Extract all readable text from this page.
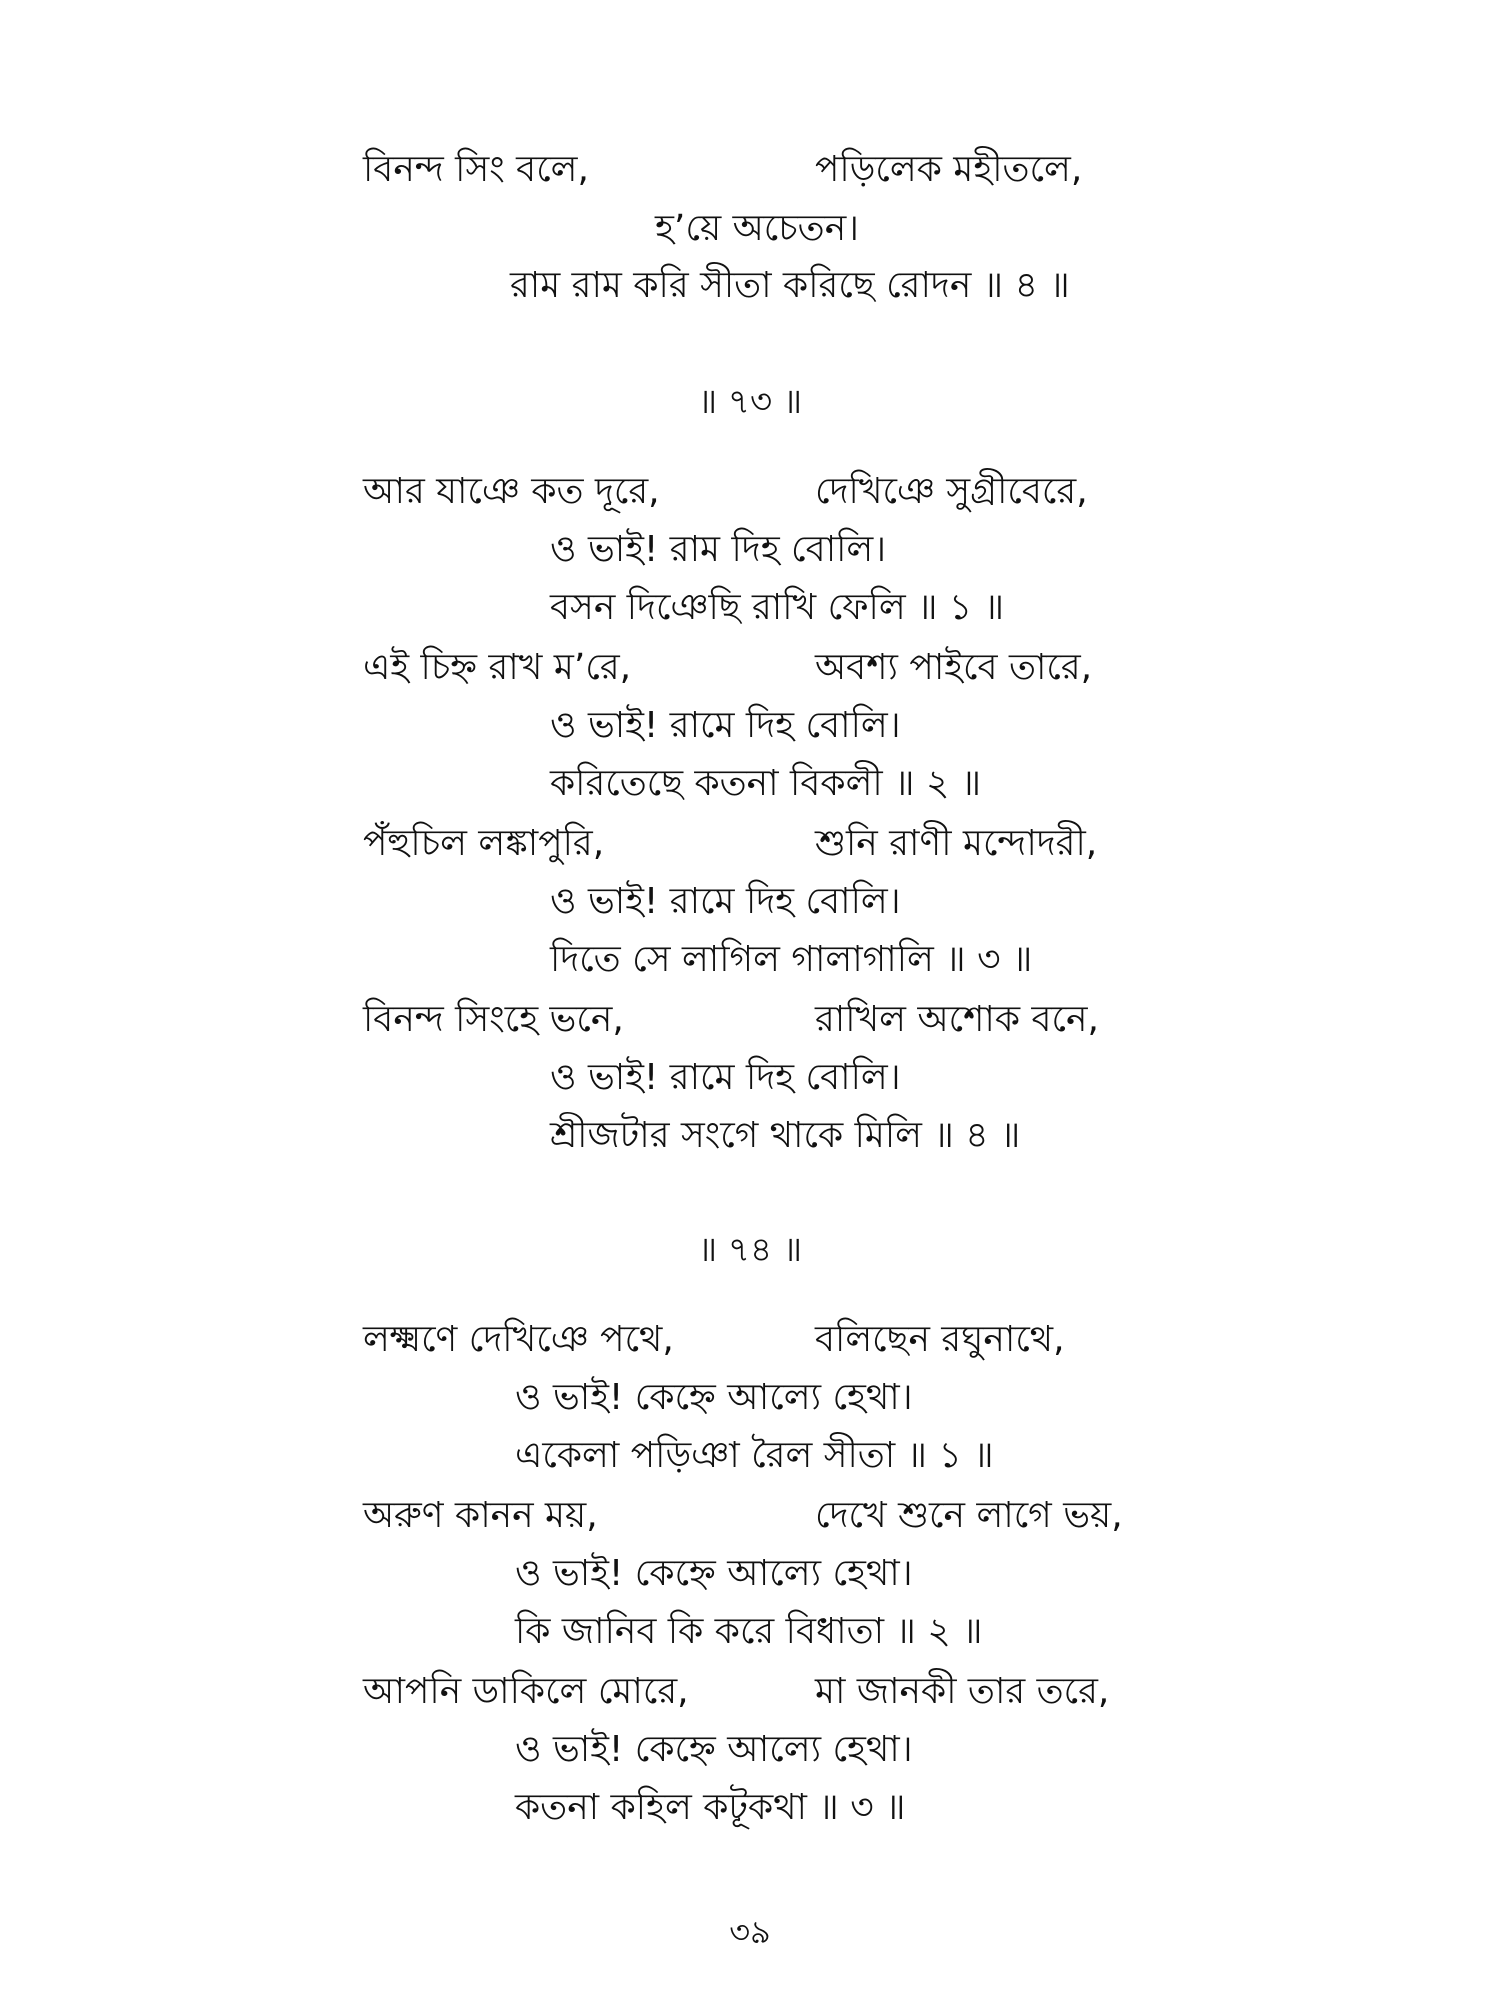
বিনন্দ সিং বলে,	পড়িলেক মহীতলে,
হ’য়ে অচেতন।
রাম রাম করি সীতা করিছে রোদন ॥ ৪ ॥
॥ ৭৩ ॥
আর যাঞে কত দূরে,	দেখিঞে সুগ্রীবেরে,
ও ভাই! রাম দিহ বোলি।
বসন দিঞেছি রাখি ফেলি ॥ ১ ॥
এই চিহ্ন রাখ ম’রে,	অবশ্য পাইবে তারে,
ও ভাই! রামে দিহ বোলি।
করিতেছে কতনা বিকলী ॥ ২ ॥
পঁহুচিল লঙ্কাপুরি,	শুনি রাণী মন্দোদরী,
ও ভাই! রামে দিহ বোলি।
দিতে সে লাগিল গালাগালি ॥ ৩ ॥
বিনন্দ সিংহে ভনে,	রাখিল অশোক বনে,
ও ভাই! রামে দিহ বোলি।
শ্রীজটার সংগে থাকে মিলি ॥ ৪ ॥
॥ ৭৪ ॥
লক্ষ্মণে দেখিঞে পথে,	বলিছেন রঘুনাথে,
ও ভাই! কেহ্নে আল্যে হেথা।
একেলা পড়িঞা রৈল সীতা ॥ ১ ॥
অরুণ কানন ময়,	দেখে শুনে লাগে ভয়,
ও ভাই! কেহ্নে আল্যে হেথা।
কি জানিব কি করে বিধাতা ॥ ২ ॥
আপনি ডাকিলে মোরে,	মা জানকী তার তরে,
ও ভাই! কেহ্নে আল্যে হেথা।
কতনা কহিল কটূকথা ॥ ৩ ॥
৩৯
